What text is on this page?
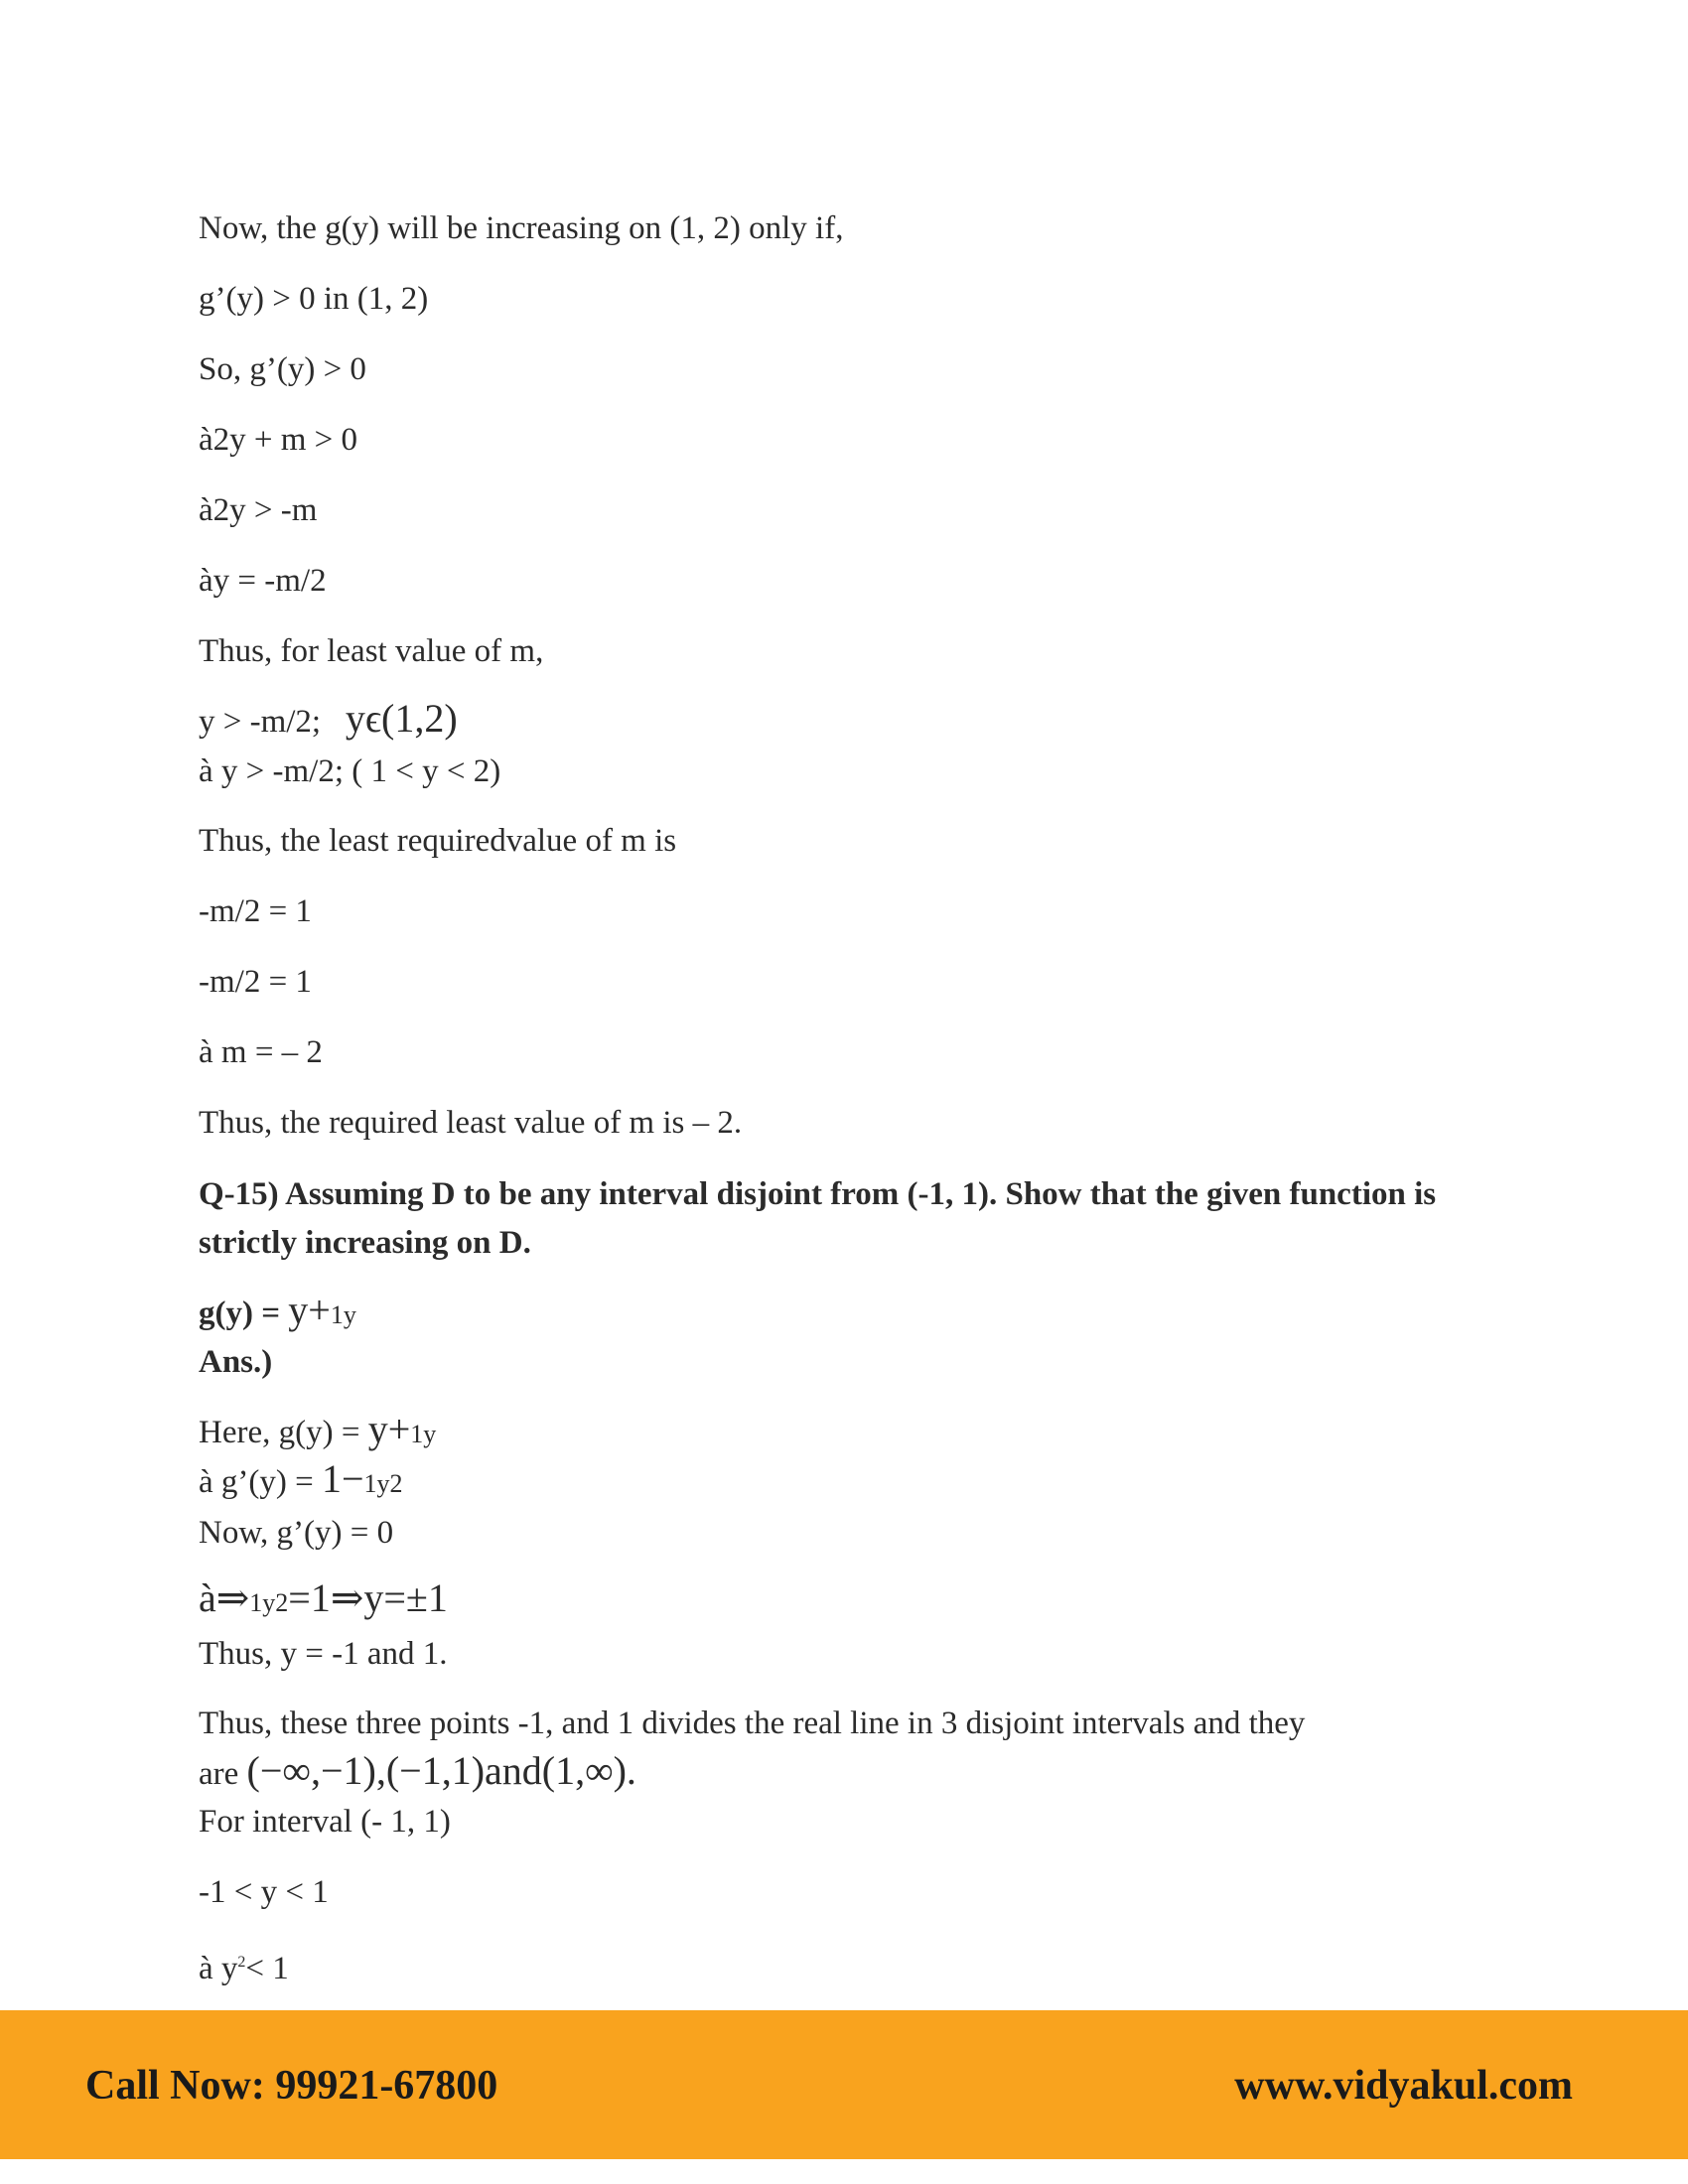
Now, the g(y) will be increasing on (1, 2) only if,
g’(y) > 0 in (1, 2)
So, g’(y) > 0
à2y + m > 0
à2y > -m
ày = -m/2
Thus, for least value of m,
y > -m/2; yϵ(1,2)
à y > -m/2; ( 1 < y < 2)
Thus, the least requiredvalue of m is
-m/2 = 1
-m/2 = 1
à m = – 2
Thus, the required least value of m is – 2.
Q-15) Assuming D to be any interval disjoint from (-1, 1). Show that the given function is
strictly increasing on D.
g(y) = y+1y
Ans.)
Here, g(y) = y+1y
à g’(y) = 1−1y2
Now, g’(y) = 0
à⇒1y2=1⇒y=±1
Thus, y = -1 and 1.
Thus, these three points -1, and 1 divides the real line in 3 disjoint intervals and they
are (−∞,−1),(−1,1)and(1,∞).
For interval (- 1, 1)
-1 < y < 1
à $y^2< 1$
Call Now: 99921-67800	www.vidyakul.com
